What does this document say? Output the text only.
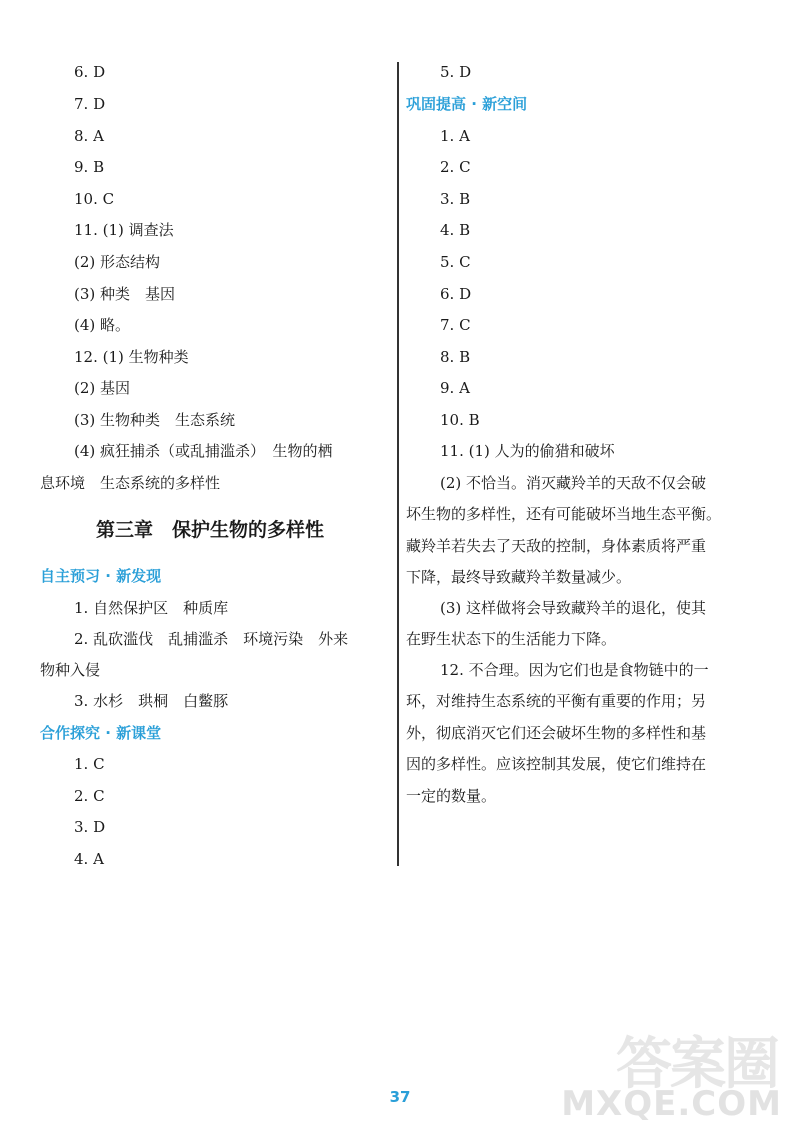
6. D
7. D
8. A
9. B
10. C
11. (1) 调查法
(2) 形态结构
(3) 种类　基因
(4) 略。
12. (1) 生物种类
(2) 基因
(3) 生物种类　生态系统
(4) 疯狂捕杀（或乱捕滥杀）　生物的栖
息环境　生态系统的多样性
第三章　保护生物的多样性
自主预习 · 新发现
1. 自然保护区　种质库
2. 乱砍滥伐　乱捕滥杀　环境污染　外来
物种入侵
3. 水杉　珙桐　白鳖豚
合作探究 · 新课堂
1. C
2. C
3. D
4. A
5. D
巩固提高 · 新空间
1. A
2. C
3. B
4. B
5. C
6. D
7. C
8. B
9. A
10. B
11. (1) 人为的偷猎和破坏
(2) 不恰当。消灭藏羚羊的天敌不仅会破
坏生物的多样性，还有可能破坏当地生态平衡。
藏羚羊若失去了天敌的控制，身体素质将严重
下降，最终导致藏羚羊数量减少。
(3) 这样做将会导致藏羚羊的退化，使其
在野生状态下的生活能力下降。
12. 不合理。因为它们也是食物链中的一
环，对维持生态系统的平衡有重要的作用；另
外，彻底消灭它们还会破坏生物的多样性和基
因的多样性。应该控制其发展，使它们维持在
一定的数量。
37	答案圈
MXQE.COM
